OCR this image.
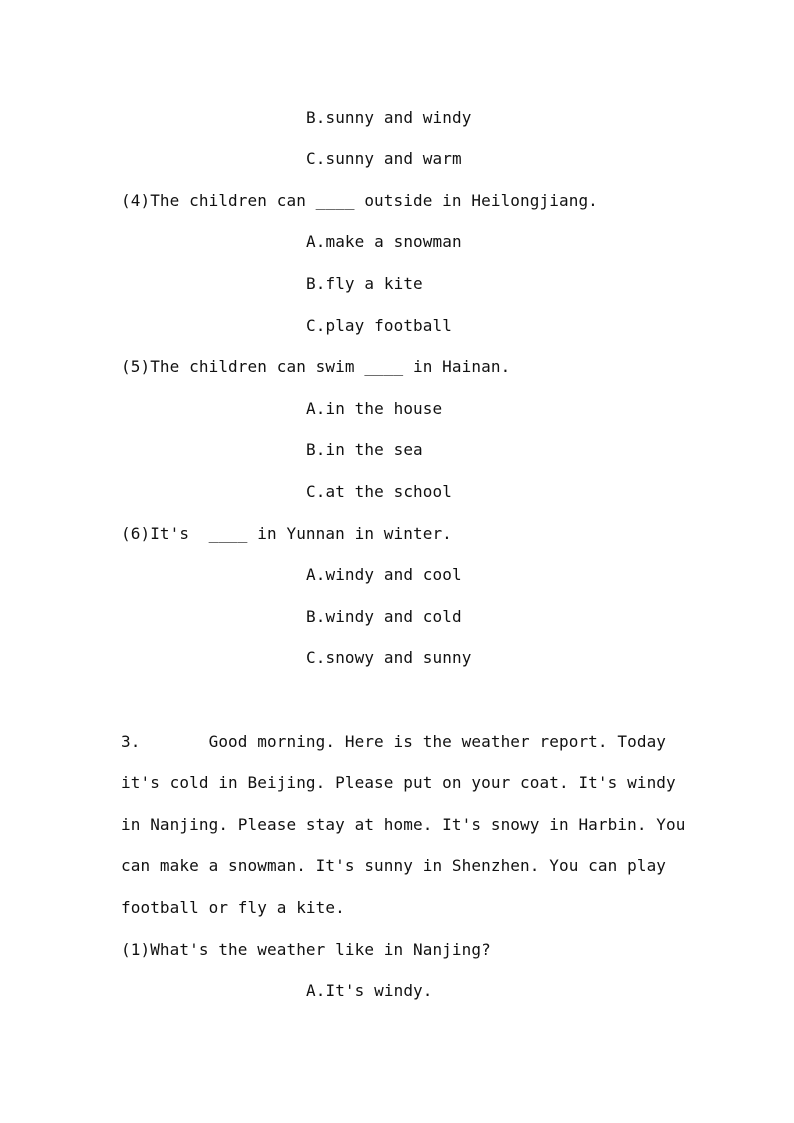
B.sunny and windy
C.sunny and warm
(4)The children can ____ outside in Heilongjiang.
A.make a snowman
B.fly a kite
C.play football
(5)The children can swim ____ in Hainan.
A.in the house
B.in the sea
C.at the school
(6)It's  ____ in Yunnan in winter.
A.windy and cool
B.windy and cold
C.snowy and sunny
3.       Good morning. Here is the weather report. Today
it's cold in Beijing. Please put on your coat. It's windy
in Nanjing. Please stay at home. It's snowy in Harbin. You
can make a snowman. It's sunny in Shenzhen. You can play
football or fly a kite.
(1)What's the weather like in Nanjing?
A.It's windy.
